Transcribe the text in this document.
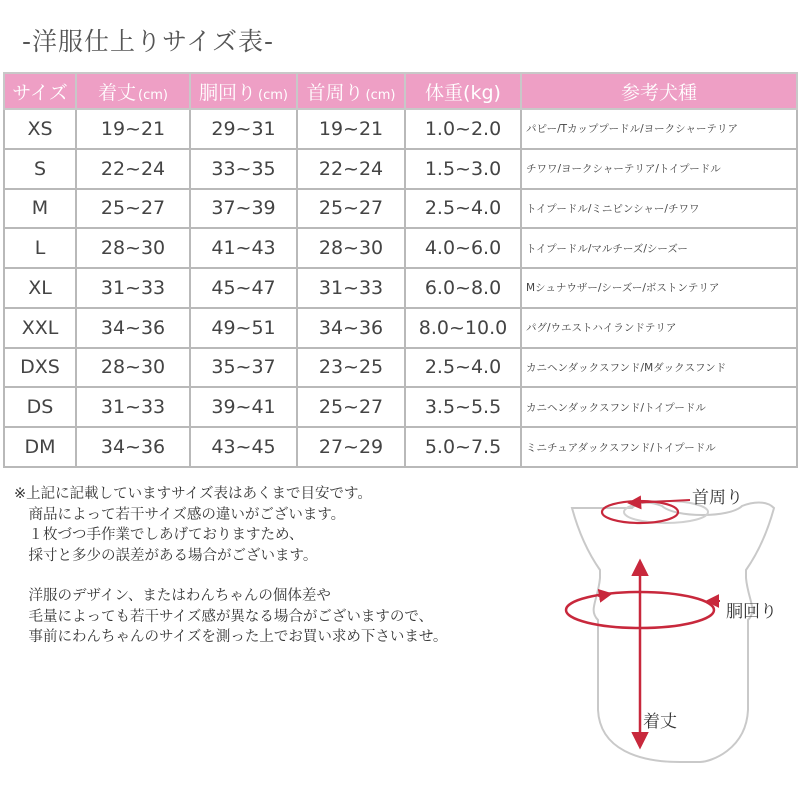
-洋服仕上りサイズ表-
サイズ	着丈 (cm)	胴回り (cm)	首周り (cm)	体重(kg)	参考犬種
XS	19~21	29~31	19~21	1.0~2.0	パピー/Tカッププードル/ヨークシャーテリア
S	22~24	33~35	22~24	1.5~3.0	チワワ/ヨークシャーテリア/トイプードル
M	25~27	37~39	25~27	2.5~4.0	トイプードル/ミニピンシャー/チワワ
L	28~30	41~43	28~30	4.0~6.0	トイプードル/マルチーズ/シーズー
XL	31~33	45~47	31~33	6.0~8.0	Mシュナウザー/シーズー/ボストンテリア
XXL	34~36	49~51	34~36	8.0~10.0	パグ/ウエストハイランドテリア
DXS	28~30	35~37	23~25	2.5~4.0	カニヘンダックスフンド/Mダックスフンド
DS	31~33	39~41	25~27	3.5~5.5	カニヘンダックスフンド/トイプードル
DM	34~36	43~45	27~29	5.0~7.5	ミニチュアダックスフンド/トイプードル

※上記に記載していますサイズ表はあくまで目安です。

　商品によって若干サイズ感の違いがございます。

　１枚づつ手作業でしあげておりますため、

　採寸と多少の誤差がある場合がございます。

　洋服のデザイン、またはわんちゃんの個体差や

　毛量によっても若干サイズ感が異なる場合がございますので、

　事前にわんちゃんのサイズを測った上でお買い求め下さいませ。

首周り
胴回り
着丈
